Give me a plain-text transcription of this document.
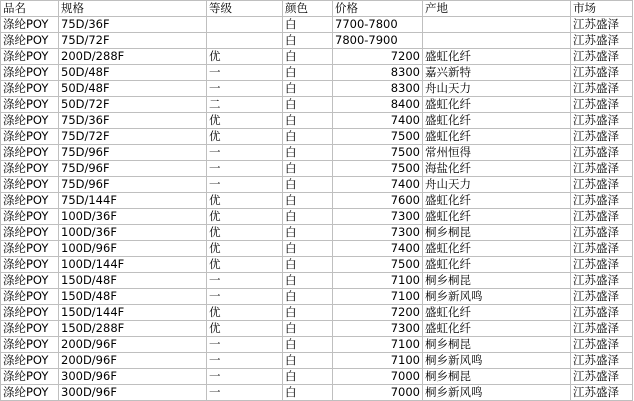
品名	规格	等级	颜色	价格	产地	市场
涤纶POY	75D/36F		白	7700-7800		江苏盛泽
涤纶POY	75D/72F		白	7800-7900		江苏盛泽
涤纶POY	200D/288F	优	白	7200	盛虹化纤	江苏盛泽
涤纶POY	50D/48F	一	白	8300	嘉兴新特	江苏盛泽
涤纶POY	50D/48F	一	白	8300	舟山天力	江苏盛泽
涤纶POY	50D/72F	二	白	8400	盛虹化纤	江苏盛泽
涤纶POY	75D/36F	优	白	7400	盛虹化纤	江苏盛泽
涤纶POY	75D/72F	优	白	7500	盛虹化纤	江苏盛泽
涤纶POY	75D/96F	一	白	7500	常州恒得	江苏盛泽
涤纶POY	75D/96F	一	白	7500	海盐化纤	江苏盛泽
涤纶POY	75D/96F	一	白	7400	舟山天力	江苏盛泽
涤纶POY	75D/144F	优	白	7600	盛虹化纤	江苏盛泽
涤纶POY	100D/36F	优	白	7300	盛虹化纤	江苏盛泽
涤纶POY	100D/36F	优	白	7300	桐乡桐昆	江苏盛泽
涤纶POY	100D/96F	优	白	7400	盛虹化纤	江苏盛泽
涤纶POY	100D/144F	优	白	7500	盛虹化纤	江苏盛泽
涤纶POY	150D/48F	一	白	7100	桐乡桐昆	江苏盛泽
涤纶POY	150D/48F	一	白	7100	桐乡新风鸣	江苏盛泽
涤纶POY	150D/144F	优	白	7200	盛虹化纤	江苏盛泽
涤纶POY	150D/288F	优	白	7300	盛虹化纤	江苏盛泽
涤纶POY	200D/96F	一	白	7100	桐乡桐昆	江苏盛泽
涤纶POY	200D/96F	一	白	7100	桐乡新风鸣	江苏盛泽
涤纶POY	300D/96F	一	白	7000	桐乡桐昆	江苏盛泽
涤纶POY	300D/96F	一	白	7000	桐乡新风鸣	江苏盛泽
